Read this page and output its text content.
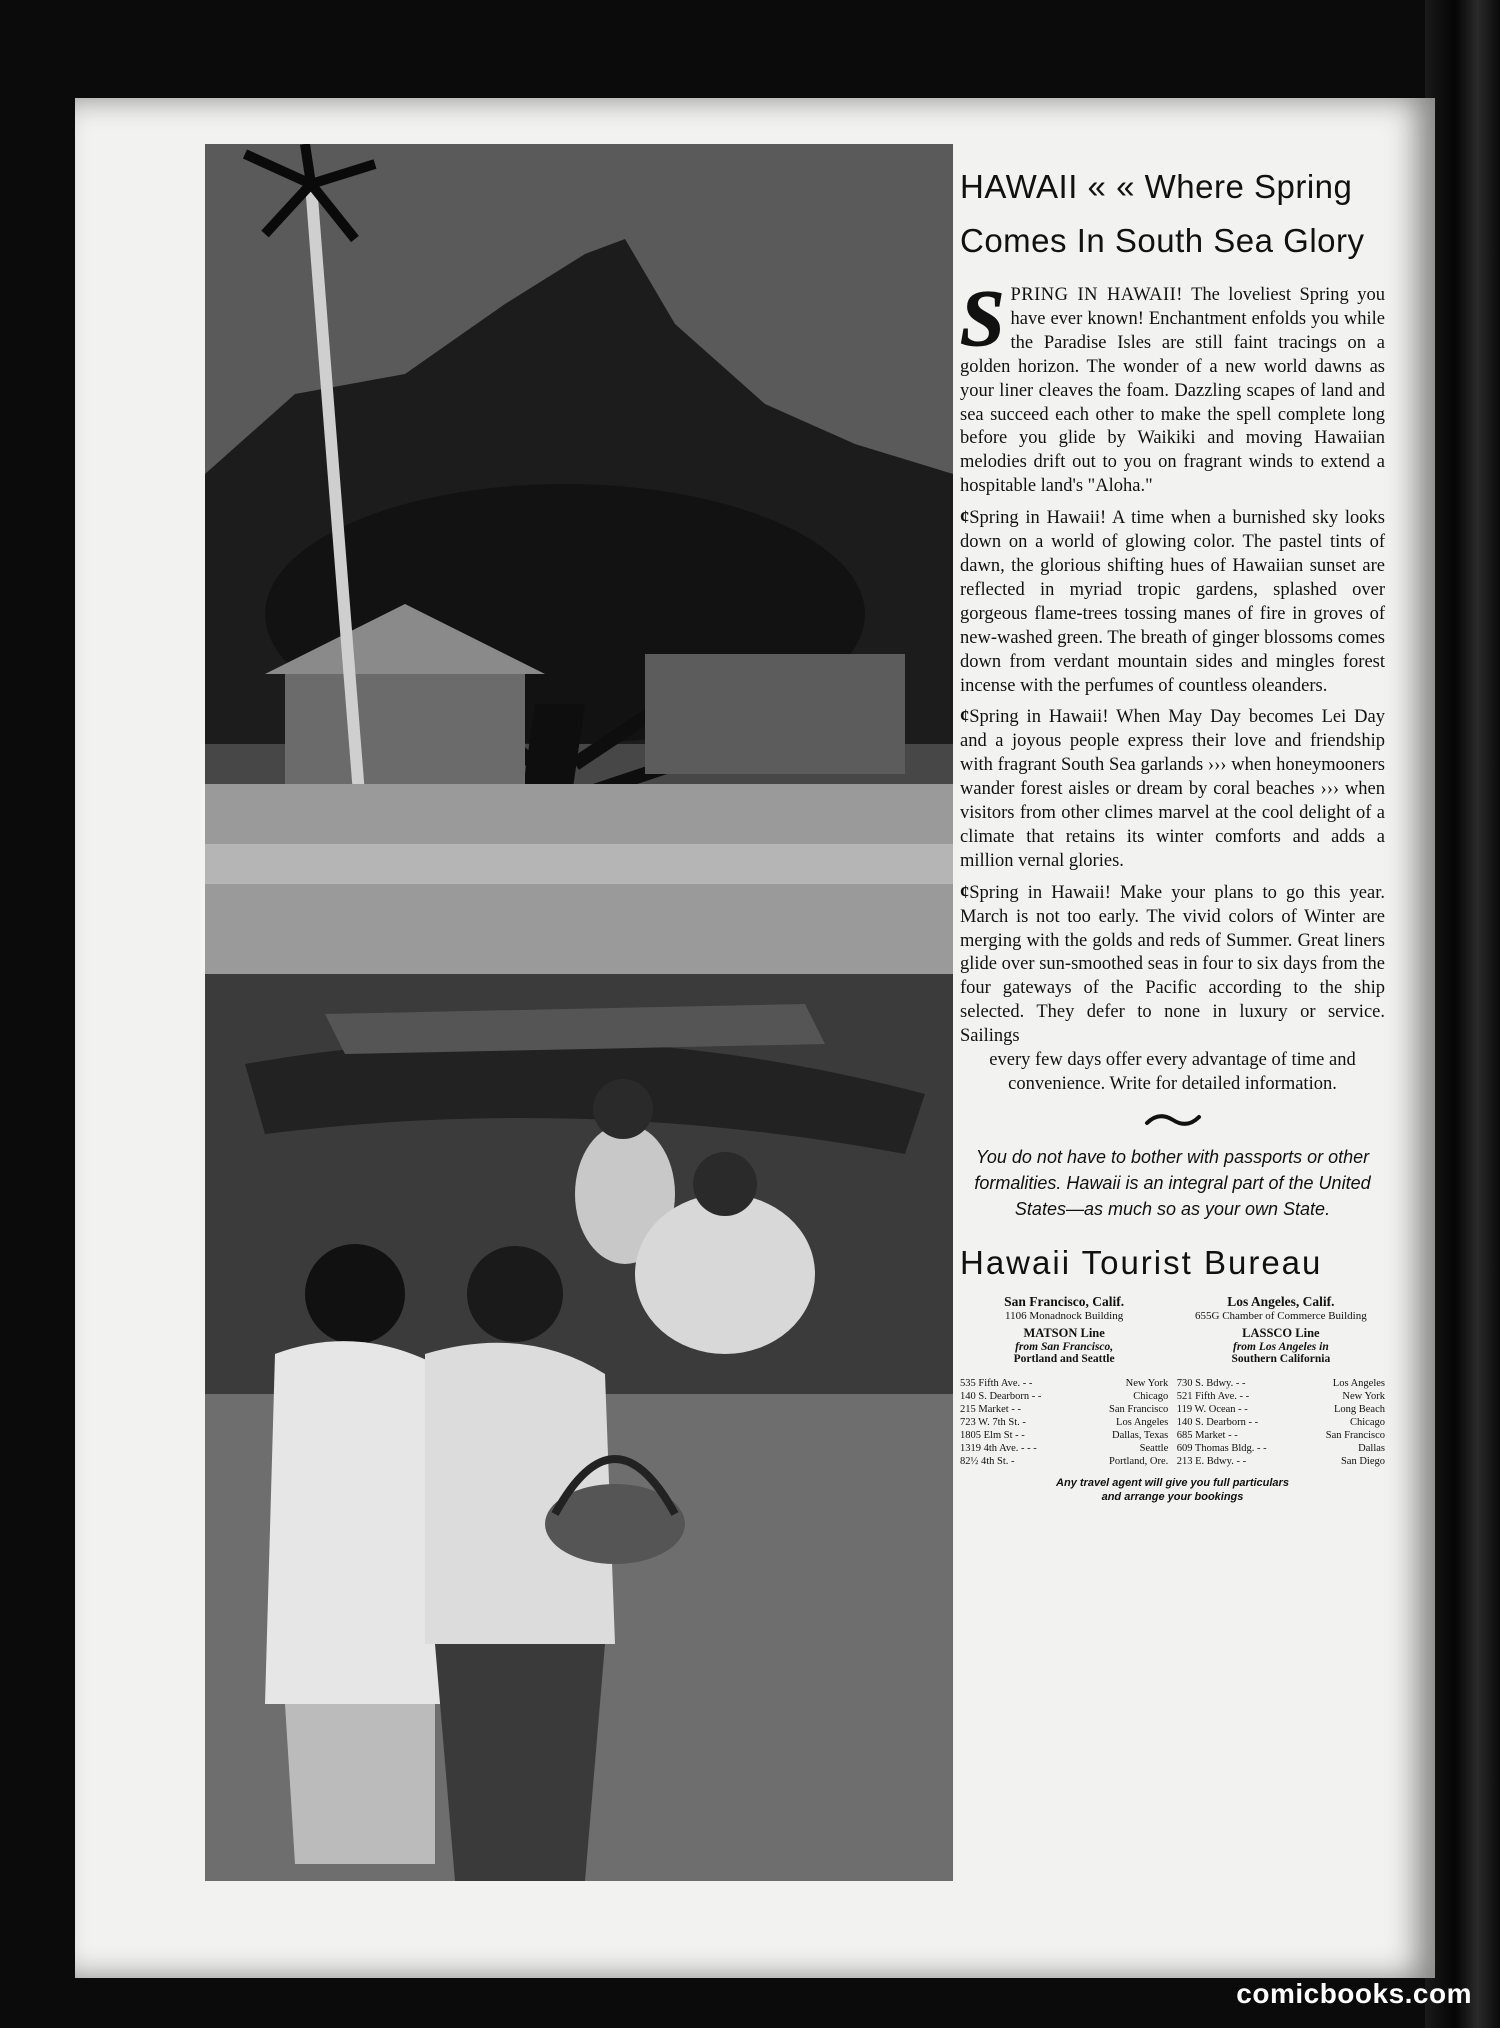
HAWAII « « Where Spring
Comes In South Sea Glory

SPRING IN HAWAII! The loveliest Spring you have ever known! Enchantment enfolds you while the Paradise Isles are still faint tracings on a golden horizon. The wonder of a new world dawns as your liner cleaves the foam. Dazzling scapes of land and sea succeed each other to make the spell complete long before you glide by Waikiki and moving Hawaiian melodies drift out to you on fragrant winds to extend a hospitable land's "Aloha."

¢Spring in Hawaii! A time when a burnished sky looks down on a world of glowing color. The pastel tints of dawn, the glorious shifting hues of Hawaiian sunset are reflected in myriad tropic gardens, splashed over gorgeous flame-trees tossing manes of fire in groves of new-washed green. The breath of ginger blossoms comes down from verdant mountain sides and mingles forest incense with the perfumes of countless oleanders.

¢Spring in Hawaii! When May Day becomes Lei Day and a joyous people express their love and friendship with fragrant South Sea garlands ››› when honeymooners wander forest aisles or dream by coral beaches ››› when visitors from other climes marvel at the cool delight of a climate that retains its winter comforts and adds a million vernal glories.

¢Spring in Hawaii! Make your plans to go this year. March is not too early. The vivid colors of Winter are merging with the golds and reds of Summer. Great liners glide over sun-smoothed seas in four to six days from the four gateways of the Pacific according to the ship selected. They defer to none in luxury or service. Sailings
every few days offer every advantage of time and convenience. Write for detailed information.

You do not have to bother with passports or other formalities. Hawaii is an integral part of the United States—as much so as your own State.

Hawaii Tourist Bureau
San Francisco, Calif.
1106 Monadnock Building
MATSON Line
from San Francisco,
Portland and Seattle
Los Angeles, Calif.
655G Chamber of Commerce Building
LASSCO Line
from Los Angeles in
Southern California
535 Fifth Ave. - -	New York
140 S. Dearborn - -	Chicago
215 Market - -	San Francisco
723 W. 7th St. -	Los Angeles
1805 Elm St - -	Dallas, Texas
1319 4th Ave. - - -	Seattle
82½ 4th St. -	Portland, Ore.
730 S. Bdwy. - -	Los Angeles
521 Fifth Ave. - -	New York
119 W. Ocean - -	Long Beach
140 S. Dearborn - -	Chicago
685 Market - -	San Francisco
609 Thomas Bldg. - -	Dallas
213 E. Bdwy. - -	San Diego
Any travel agent will give you full particulars
and arrange your bookings
comicbooks.com
